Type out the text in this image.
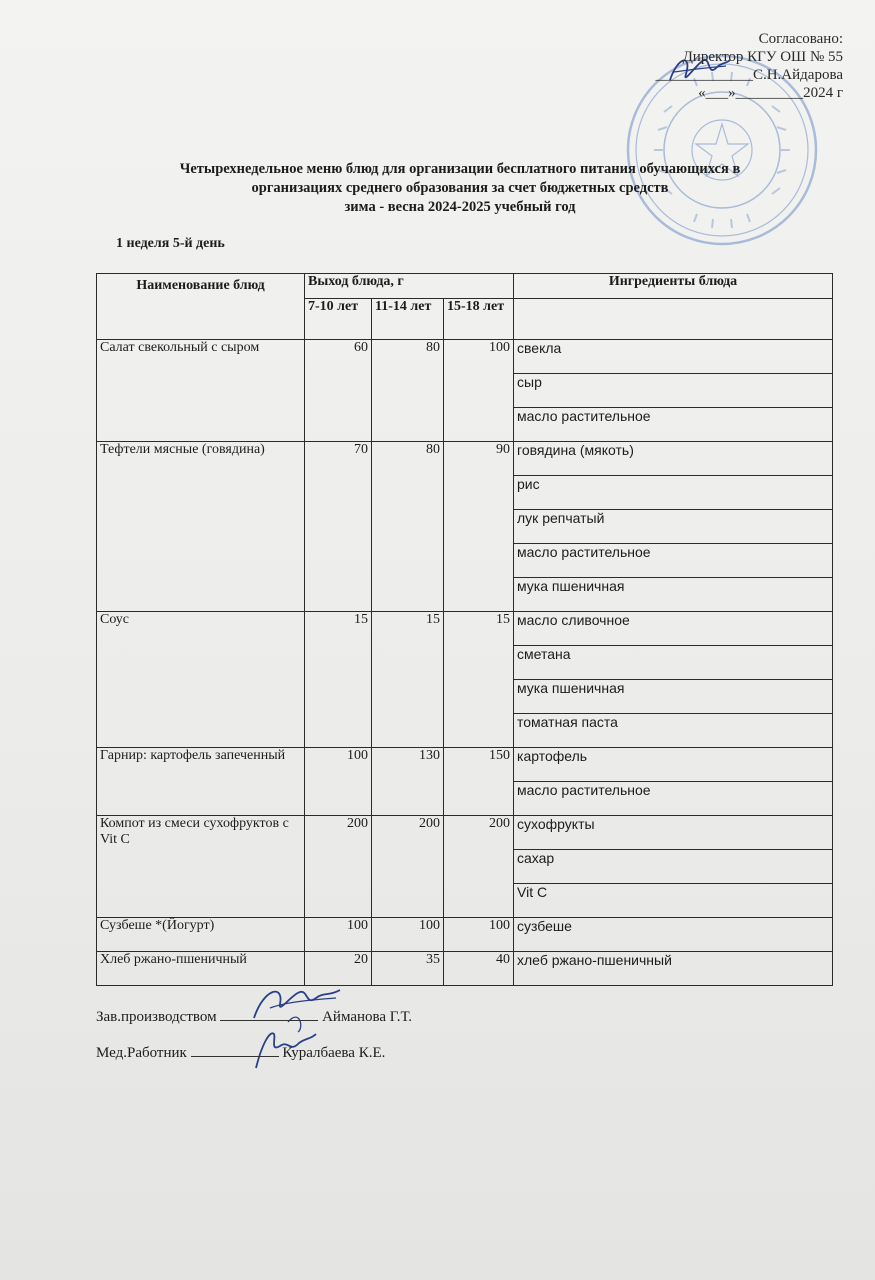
Согласовано:
Директор КГУ ОШ № 55
_____________С.Н.Айдарова
«___»_________2024 г
Четырехнедельное меню блюд для организации бесплатного питания обучающихся в
организациях среднего образования за счет бюджетных средств
зима - весна 2024-2025 учебный год
1 неделя 5-й день
Наименование блюд	Выход блюда, г			Ингредиенты блюда
	7-10 лет	11-14 лет	15-18 лет	
Салат свекольный с сыром	60	80	100	свекла
				сыр
				масло растительное
Тефтели мясные (говядина)	70	80	90	говядина (мякоть)
				рис
				лук репчатый
				масло растительное
				мука пшеничная
Соус	15	15	15	масло сливочное
				сметана
				мука пшеничная
				томатная паста
Гарнир: картофель запеченный	100	130	150	картофель
				масло растительное
Компот из смеси сухофруктов с Vit C	200	200	200	сухофрукты
				сахар
				Vit C
Сузбеше *(Йогурт)	100	100	100	сузбеше
Хлеб ржано-пшеничный	20	35	40	хлеб ржано-пшеничный
Зав.производством	Айманова Г.Т.
Мед.Работник	Куралбаева К.Е.
